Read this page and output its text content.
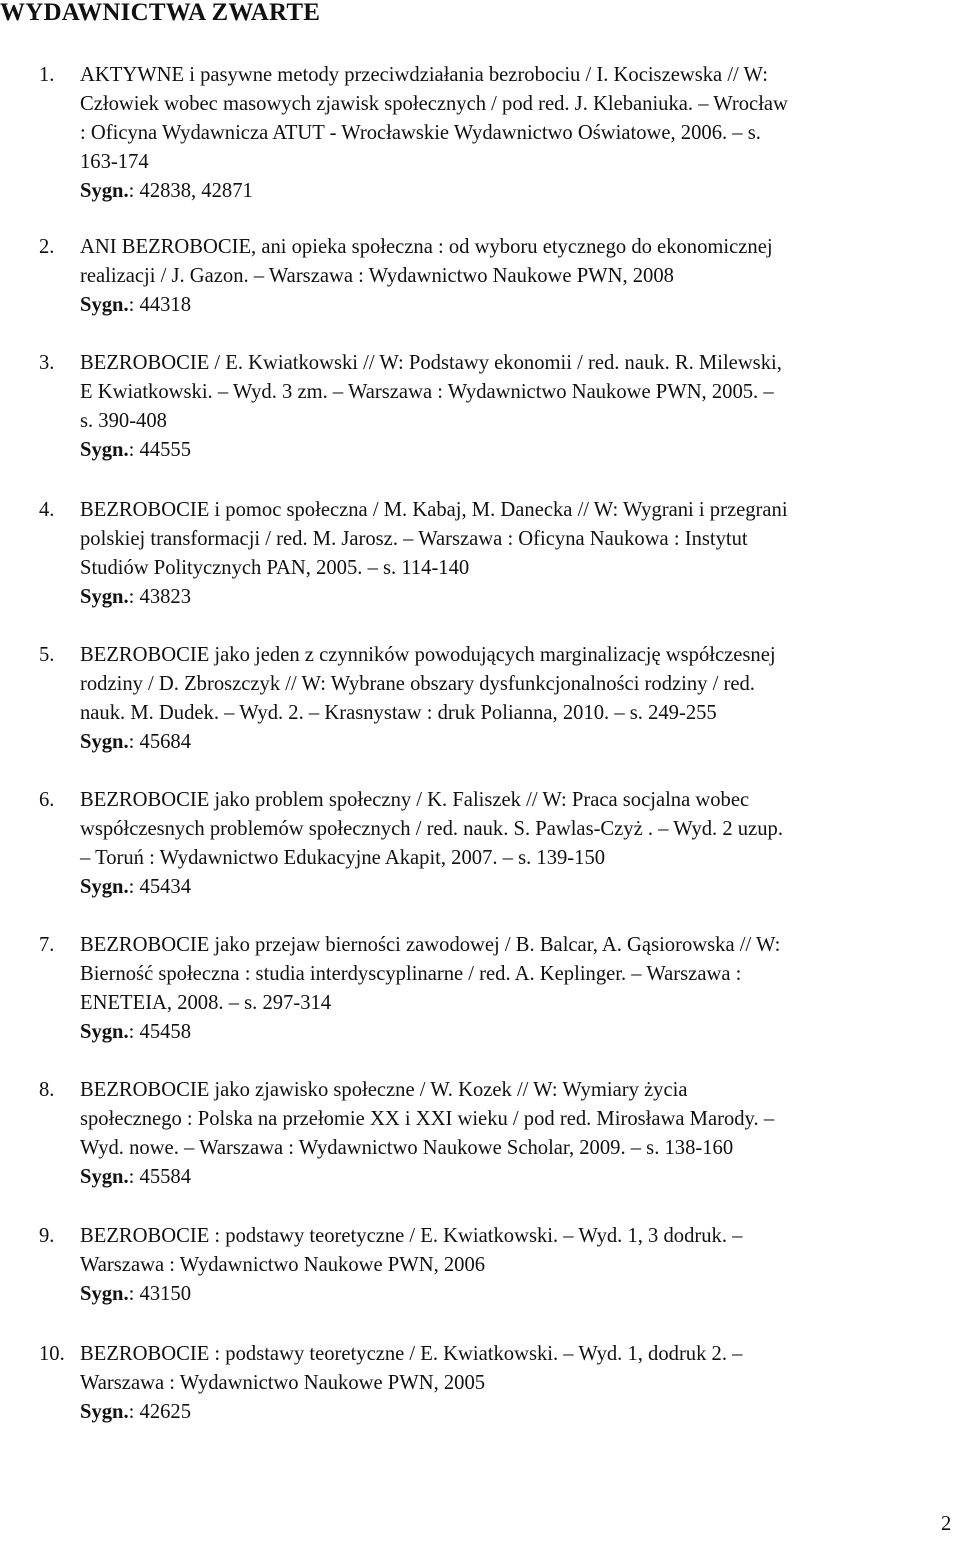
WYDAWNICTWA ZWARTE
1. AKTYWNE i pasywne metody przeciwdziałania bezrobociu / I. Kociszewska // W:
Człowiek wobec masowych zjawisk społecznych / pod red. J. Klebaniuka. – Wrocław
: Oficyna Wydawnicza ATUT - Wrocławskie Wydawnictwo Oświatowe, 2006. – s.
163-174
Sygn.: 42838, 42871
2. ANI BEZROBOCIE, ani opieka społeczna : od wyboru etycznego do ekonomicznej
realizacji / J. Gazon. – Warszawa : Wydawnictwo Naukowe PWN, 2008
Sygn.: 44318
3. BEZROBOCIE / E. Kwiatkowski // W: Podstawy ekonomii / red. nauk. R. Milewski,
E Kwiatkowski. – Wyd. 3 zm. – Warszawa : Wydawnictwo Naukowe PWN, 2005. –
s. 390-408
Sygn.: 44555
4. BEZROBOCIE i pomoc społeczna / M. Kabaj, M. Danecka // W: Wygrani i przegrani
polskiej transformacji / red. M. Jarosz. – Warszawa : Oficyna Naukowa : Instytut
Studiów Politycznych PAN, 2005. – s. 114-140
Sygn.: 43823
5. BEZROBOCIE jako jeden z czynników powodujących marginalizację współczesnej
rodziny / D. Zbroszczyk // W: Wybrane obszary dysfunkcjonalności rodziny / red.
nauk. M. Dudek. – Wyd. 2. – Krasnystaw : druk Polianna, 2010. – s. 249-255
Sygn.: 45684
6. BEZROBOCIE jako problem społeczny / K. Faliszek // W: Praca socjalna wobec
współczesnych problemów społecznych / red. nauk. S. Pawlas-Czyż . – Wyd. 2 uzup.
– Toruń : Wydawnictwo Edukacyjne Akapit, 2007. – s. 139-150
Sygn.: 45434
7. BEZROBOCIE jako przejaw bierności zawodowej / B. Balcar, A. Gąsiorowska // W:
Bierność społeczna : studia interdyscyplinarne / red. A. Keplinger. – Warszawa :
ENETEIA, 2008. – s. 297-314
Sygn.: 45458
8. BEZROBOCIE jako zjawisko społeczne / W. Kozek // W: Wymiary życia
społecznego : Polska na przełomie XX i XXI wieku / pod red. Mirosława Marody. –
Wyd. nowe. – Warszawa : Wydawnictwo Naukowe Scholar, 2009. – s. 138-160
Sygn.: 45584
9. BEZROBOCIE : podstawy teoretyczne / E. Kwiatkowski. – Wyd. 1, 3 dodruk. –
Warszawa : Wydawnictwo Naukowe PWN, 2006
Sygn.: 43150
10. BEZROBOCIE : podstawy teoretyczne / E. Kwiatkowski. – Wyd. 1, dodruk 2. –
Warszawa : Wydawnictwo Naukowe PWN, 2005
Sygn.: 42625
2
